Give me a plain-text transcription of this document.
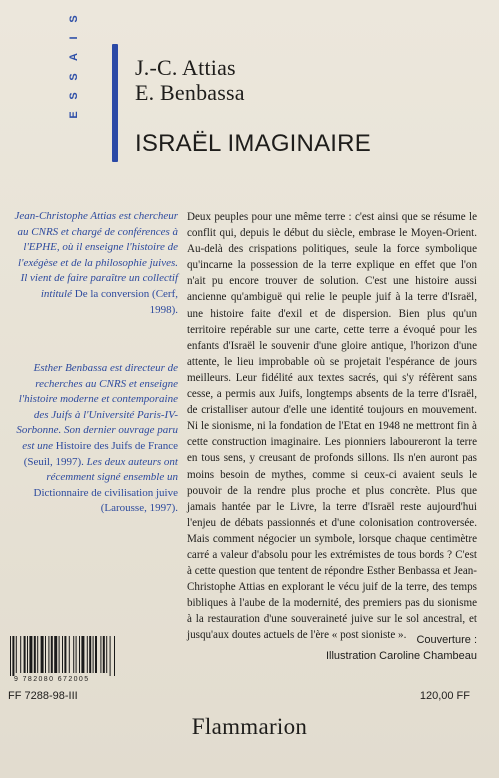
E
S
S
A
I
S
J.-C. Attias
E. Benbassa
ISRAËL IMAGINAIRE
Jean-Christophe Attias est chercheur au CNRS et chargé de conférences à l'EPHE, où il enseigne l'histoire de l'exégèse et de la philosophie juives. Il vient de faire paraître un collectif intitulé De la conversion (Cerf, 1998).
Esther Benbassa est directeur de recherches au CNRS et enseigne l'histoire moderne et contemporaine des Juifs à l'Université Paris-IV-Sorbonne. Son dernier ouvrage paru est une Histoire des Juifs de France (Seuil, 1997). Les deux auteurs ont récemment signé ensemble un Dictionnaire de civilisation juive (Larousse, 1997).
Deux peuples pour une même terre : c'est ainsi que se résume le conflit qui, depuis le début du siècle, embrase le Moyen-Orient. Au-delà des crispations politiques, seule la force symbolique qu'incarne la possession de la terre explique en effet que l'on n'ait pu encore trouver de solution. C'est une histoire aussi ancienne qu'ambiguë qui relie le peuple juif à la terre d'Israël, une histoire faite d'exil et de dispersion. Bien plus qu'un territoire repérable sur une carte, cette terre a évoqué pour les enfants d'Israël le souvenir d'une gloire antique, l'horizon d'une attente, le lieu improbable où se projetait l'espérance de jours meilleurs. Leur fidélité aux textes sacrés, qui s'y réfèrent sans cesse, a permis aux Juifs, longtemps absents de la terre d'Israël, de cristalliser autour d'elle une identité toujours en mouvement. Ni le sionisme, ni la fondation de l'Etat en 1948 ne mettront fin à cette construction imaginaire. Les pionniers laboureront la terre en tous sens, y creusant de profonds sillons. Ils n'en auront pas moins besoin de mythes, comme si ceux-ci avaient seuls le pouvoir de la rendre plus proche et plus concrète. Plus que jamais hantée par le Livre, la terre d'Israël reste aujourd'hui l'enjeu de débats passionnés et d'une colonisation controversée. Mais comment négocier un symbole, lorsque chaque centimètre carré a valeur d'absolu pour les extrémistes de tous bords ? C'est à cette question que tentent de répondre Esther Benbassa et Jean-Christophe Attias en explorant le vécu juif de la terre, des temps bibliques à l'aube de la modernité, des premiers pas du sionisme à la restauration d'une souveraineté juive sur le sol ancestral, et jusqu'aux doutes actuels de l'ère « post sioniste ». Couverture :
Illustration Caroline Chambeau
9 782080 672005
FF 7288-98-III	120,00 FF
Flammarion
